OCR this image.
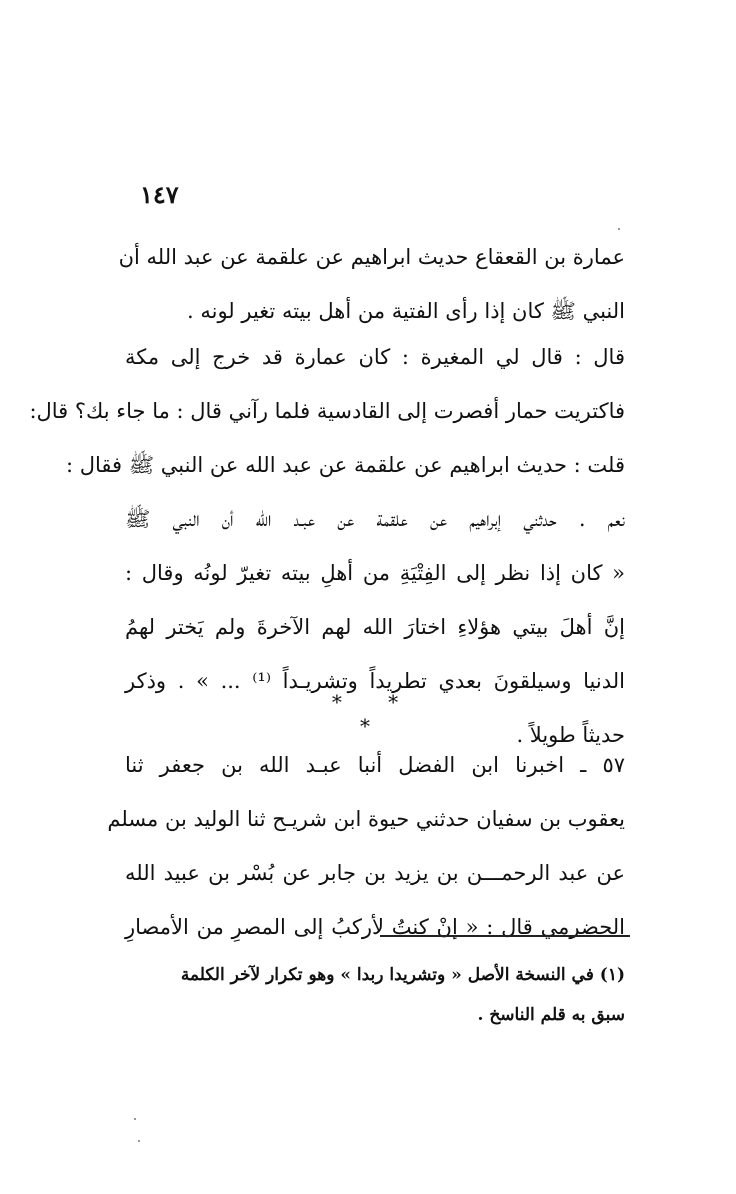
١٤٧
عمارة بن القعقاع حديث ابراهيم عن علقمة عن عبد الله أن
النبي ﷺ كان إذا رأى الفتية من أهل بيته تغير لونه .
قال : قال لي المغيرة : كان عمارة قد خرج إلى مكة
فاكتريت حمار أفصرت إلى القادسية فلما رآني قال : ما جاء بك؟ قال:
قلت : حديث ابراهيم عن علقمة عن عبد الله عن النبي ﷺ فقال :
نعم . حدثني إبراهيم عن علقمة عن عبـد الله أن النبي ﷺ
« كان إذا نظر إلى الفِتْيَةِ من أهلِ بيته تغيرّ لونُه وقال :
إنَّ أهلَ بيتي هؤلاءِ اختارَ الله لهم الآخرةَ ولم يَختر لهمُ
الدنيا وسيلقونَ بعدي تطريداً وتشريـداً ⁽¹⁾ ... » . وذكر
حديثاً طويلاً .
* * *
٥٧ ـ اخبرنا ابن الفضل أنبا عبـد الله بن جعفر ثنا
يعقوب بن سفيان حدثني حيوة ابن شريـح ثنا الوليد بن مسلم
عن عبد الرحمـــن بن يزيد بن جابر عن بُسْر بن عبيد الله
الحضرمي قال : « إنْ كنتُ لأركبُ إلى المصرِ من الأمصارِ
(١) في النسخة الأصل « وتشريدا ربدا » وهو تكرار لآخر الكلمة
سبق به قلم الناسخ .
